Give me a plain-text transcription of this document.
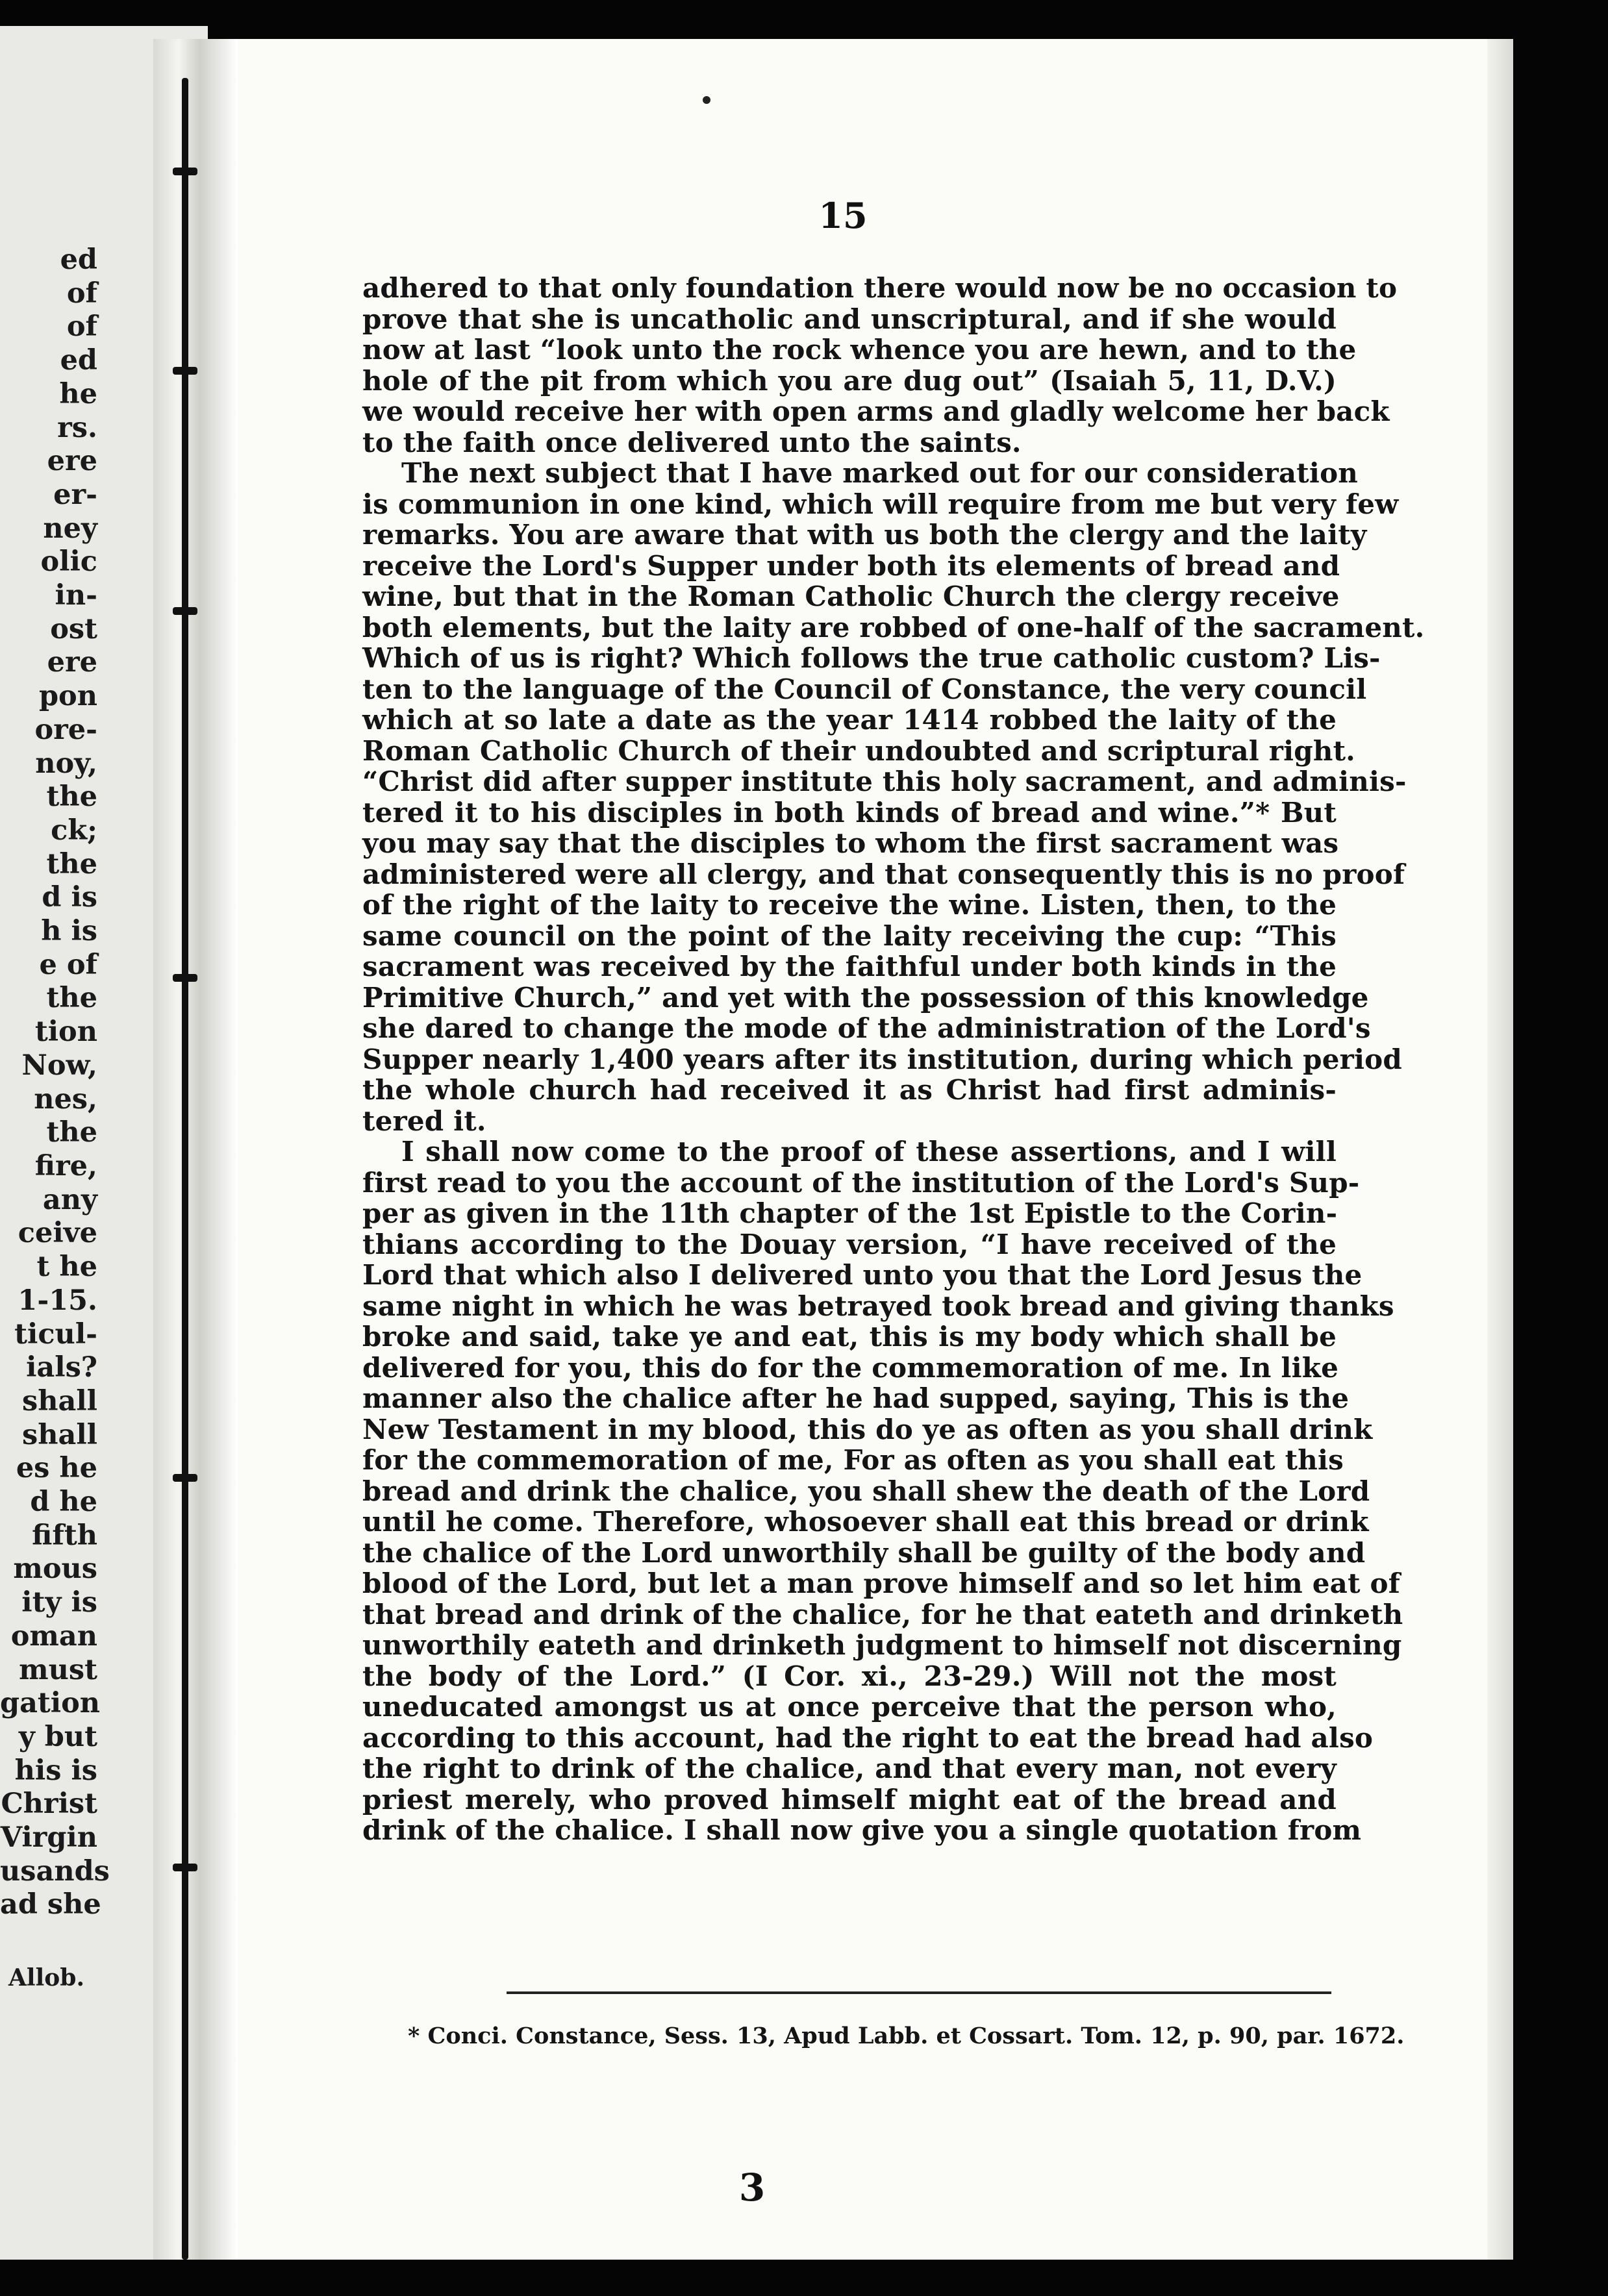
ed
of
of
ed
he
rs.
ere
er-
ney
olic
in-
ost
ere
pon
ore-
noy,
the
ck;
the
d is
h is
e of
the
tion
Now,
nes,
the
fire,
any
ceive
t he
1-15.
ticul-
ials?
shall
shall
es he
d he
fifth
mous
ity is
oman
must
gation
y but
his is
Christ
Virgin
usands
ad she
Allob.
15
adhered to that only foundation there would now be no occasion to
prove that she is uncatholic and unscriptural, and if she would
now at last “look unto the rock whence you are hewn, and to the
hole of the pit from which you are dug out” (Isaiah 5, 11, D.V.)
we would receive her with open arms and gladly welcome her back
to the faith once delivered unto the saints.
The next subject that I have marked out for our consideration
is communion in one kind, which will require from me but very few
remarks. You are aware that with us both the clergy and the laity
receive the Lord's Supper under both its elements of bread and
wine, but that in the Roman Catholic Church the clergy receive
both elements, but the laity are robbed of one-half of the sacrament.
Which of us is right? Which follows the true catholic custom? Lis-
ten to the language of the Council of Constance, the very council
which at so late a date as the year 1414 robbed the laity of the
Roman Catholic Church of their undoubted and scriptural right.
“Christ did after supper institute this holy sacrament, and adminis-
tered it to his disciples in both kinds of bread and wine.”* But
you may say that the disciples to whom the first sacrament was
administered were all clergy, and that consequently this is no proof
of the right of the laity to receive the wine. Listen, then, to the
same council on the point of the laity receiving the cup: “This
sacrament was received by the faithful under both kinds in the
Primitive Church,” and yet with the possession of this knowledge
she dared to change the mode of the administration of the Lord's
Supper nearly 1,400 years after its institution, during which period
the whole church had received it as Christ had first adminis-
tered it.
I shall now come to the proof of these assertions, and I will
first read to you the account of the institution of the Lord's Sup-
per as given in the 11th chapter of the 1st Epistle to the Corin-
thians according to the Douay version, “I have received of the
Lord that which also I delivered unto you that the Lord Jesus the
same night in which he was betrayed took bread and giving thanks
broke and said, take ye and eat, this is my body which shall be
delivered for you, this do for the commemoration of me. In like
manner also the chalice after he had supped, saying, This is the
New Testament in my blood, this do ye as often as you shall drink
for the commemoration of me, For as often as you shall eat this
bread and drink the chalice, you shall shew the death of the Lord
until he come. Therefore, whosoever shall eat this bread or drink
the chalice of the Lord unworthily shall be guilty of the body and
blood of the Lord, but let a man prove himself and so let him eat of
that bread and drink of the chalice, for he that eateth and drinketh
unworthily eateth and drinketh judgment to himself not discerning
the body of the Lord.” (I Cor. xi., 23-29.) Will not the most
uneducated amongst us at once perceive that the person who,
according to this account, had the right to eat the bread had also
the right to drink of the chalice, and that every man, not every
priest merely, who proved himself might eat of the bread and
drink of the chalice. I shall now give you a single quotation from
* Conci. Constance, Sess. 13, Apud Labb. et Cossart. Tom. 12, p. 90, par. 1672.
3
